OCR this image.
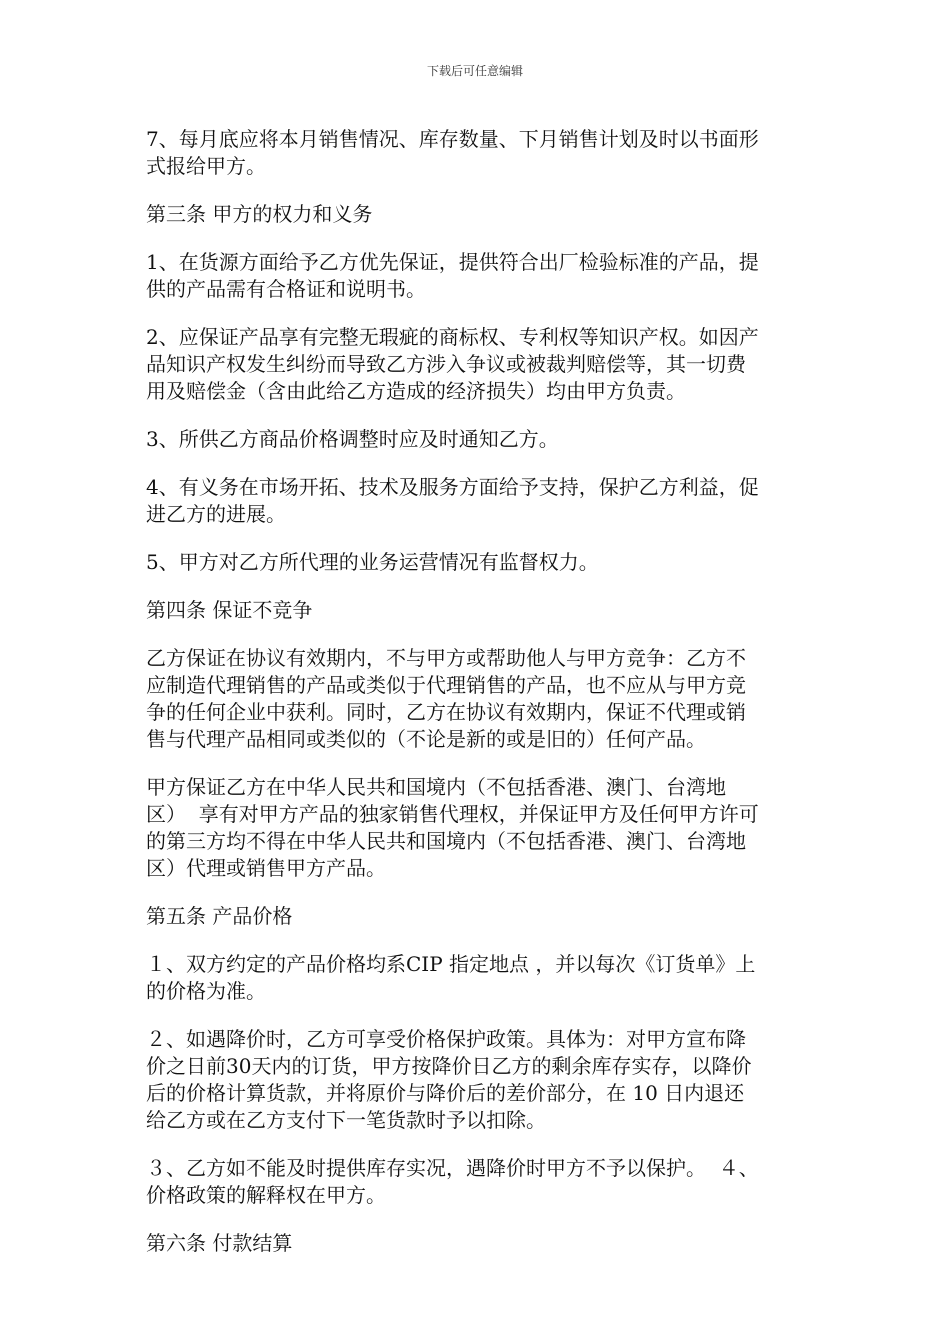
下载后可任意编辑

7、每月底应将本月销售情况、库存数量、下月销售计划及时以书面形
式报给甲方。

第三条 甲方的权力和义务

1、在货源方面给予乙方优先保证，提供符合出厂检验标准的产品，提
供的产品需有合格证和说明书。

2、应保证产品享有完整无瑕疵的商标权、专利权等知识产权。如因产
品知识产权发生纠纷而导致乙方涉入争议或被裁判赔偿等，其一切费
用及赔偿金（含由此给乙方造成的经济损失）均由甲方负责。

3、所供乙方商品价格调整时应及时通知乙方。

4、有义务在市场开拓、技术及服务方面给予支持，保护乙方利益，促
进乙方的进展。

5、甲方对乙方所代理的业务运营情况有监督权力。

第四条 保证不竞争

乙方保证在协议有效期内，不与甲方或帮助他人与甲方竞争：乙方不
应制造代理销售的产品或类似于代理销售的产品，也不应从与甲方竞
争的任何企业中获利。同时，乙方在协议有效期内，保证不代理或销
售与代理产品相同或类似的（不论是新的或是旧的）任何产品。

甲方保证乙方在中华人民共和国境内（不包括香港、澳门、台湾地
区）  享有对甲方产品的独家销售代理权，并保证甲方及任何甲方许可
的第三方均不得在中华人民共和国境内（不包括香港、澳门、台湾地
区）代理或销售甲方产品。

第五条 产品价格

１、双方约定的产品价格均系CIP 指定地点 ，并以每次《订货单》上
的价格为准。

２、如遇降价时，乙方可享受价格保护政策。具体为：对甲方宣布降
价之日前30天内的订货，甲方按降价日乙方的剩余库存实存，以降价
后的价格计算货款，并将原价与降价后的差价部分，在 10 日内退还
给乙方或在乙方支付下一笔货款时予以扣除。

３、乙方如不能及时提供库存实况，遇降价时甲方不予以保护。  ４、
价格政策的解释权在甲方。

第六条 付款结算
